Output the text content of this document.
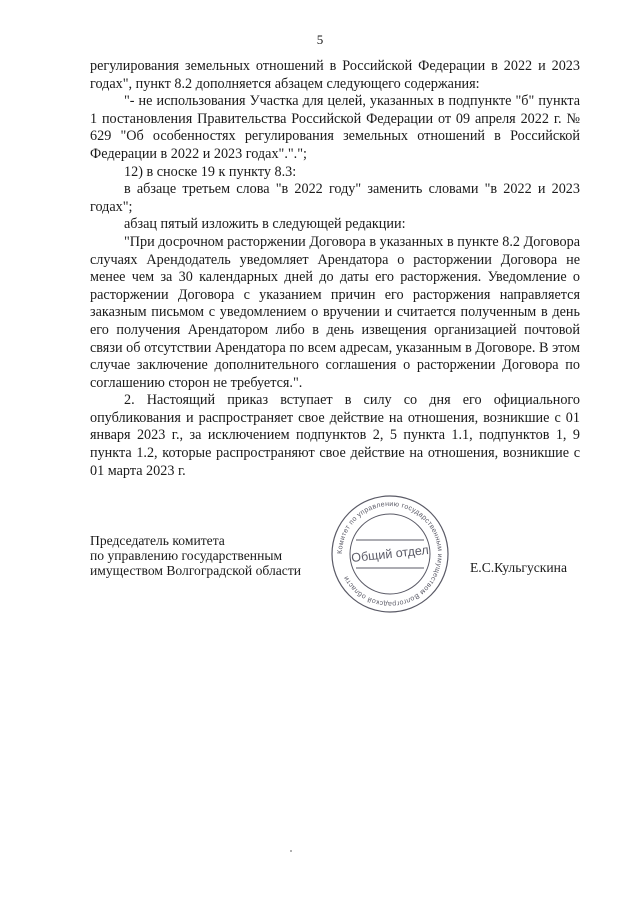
5

регулирования земельных отношений в Российской Федерации в 2022 и 2023 годах", пункт 8.2 дополняется абзацем следующего содержания:

"- не использования Участка для целей, указанных в подпункте "б" пункта 1 постановления Правительства Российской Федерации от 09 апреля 2022 г. № 629 "Об особенностях регулирования земельных отношений в Российской Федерации в 2022 и 2023 годах".".";

12) в сноске 19 к пункту 8.3:

в абзаце третьем слова "в 2022 году" заменить словами "в 2022 и 2023 годах";

абзац пятый изложить в следующей редакции:

"При досрочном расторжении Договора в указанных в пункте 8.2 Договора случаях Арендодатель уведомляет Арендатора о расторжении Договора не менее чем за 30 календарных дней до даты его расторжения. Уведомление о расторжении Договора с указанием причин его расторжения направляется заказным письмом с уведомлением о вручении и считается полученным в день его получения Арендатором либо в день извещения организацией почтовой связи об отсутствии Арендатора по всем адресам, указанным в Договоре. В этом случае заключение дополнительного соглашения о расторжении Договора по соглашению сторон не требуется.".

2. Настоящий приказ вступает в силу со дня его официального опубликования и распространяет свое действие на отношения, возникшие с 01 января 2023 г., за исключением подпунктов 2, 5 пункта 1.1, подпунктов 1, 9 пункта 1.2, которые распространяют свое действие на отношения, возникшие с 01 марта 2023 г.

Председатель комитета
по управлению государственным
имуществом Волгоградской области	Е.С.Кульгускина
Комитет по управлению государственным имуществом Волгоградской области
Общий отдел
